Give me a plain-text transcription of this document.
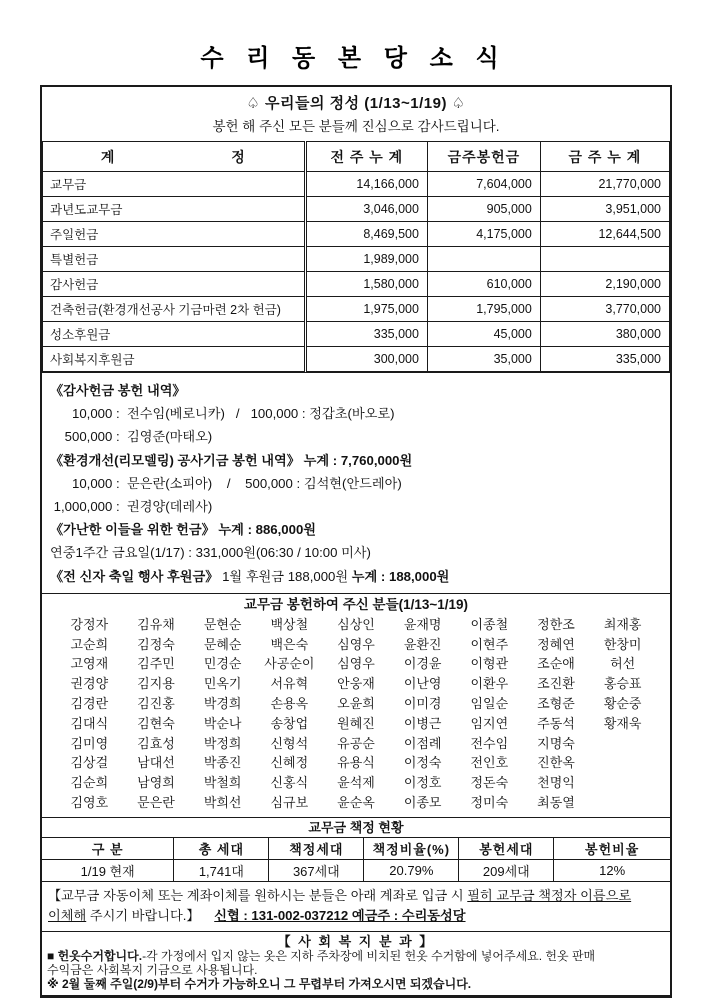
수 리 동 본 당 소 식
♤ 우리들의 정성 (1/13~1/19) ♤
봉헌 해 주신 모든 분들께 진심으로 감사드립니다.
계 정	전 주 누 계	금주봉헌금	금 주 누 계
교무금	14,166,000	7,604,000	21,770,000
과년도교무금	3,046,000	905,000	3,951,000
주일헌금	8,469,500	4,175,000	12,644,500
특별헌금	1,989,000		
감사헌금	1,580,000	610,000	2,190,000
건축헌금(환경개선공사 기금마련 2차 헌금)	1,975,000	1,795,000	3,770,000
성소후원금	335,000	45,000	380,000
사회복지후원금	300,000	35,000	335,000
《감사헌금 봉헌 내역》
10,000 :  전수임(베로니카)   /   100,000 : 정갑초(바오로)
500,000 :  김영준(마태오)
《환경개선(리모델링) 공사기금 봉헌 내역》 누계 : 7,760,000원
10,000 :  문은란(소피아)    /    500,000 : 김석현(안드레아)
1,000,000 :  권경양(데레사)
《가난한 이들을 위한 헌금》 누계 : 886,000원
연중1주간 금요일(1/17) : 331,000원(06:30 / 10:00 미사)
《전 신자 축일 행사 후원금》 1월 후원금 188,000원 누계 : 188,000원
교무금 봉헌하여 주신 분들(1/13~1/19)
강정자	김유채	문현순	백상철	심상인	윤재명	이종철	정한조	최재홍
고순희	김정숙	문혜순	백은숙	심영우	윤환진	이현주	정혜연	한창미
고영재	김주민	민경순	사공순이	심영우	이경윤	이형관	조순애	허선
권경양	김지용	민옥기	서유혁	안웅재	이난영	이환우	조진환	홍승표
김경란	김진홍	박경희	손용옥	오윤희	이미경	임일순	조형준	황순중
김대식	김현숙	박순나	송창업	원혜진	이병근	임지연	주동석	황재욱
김미영	김효성	박정희	신형석	유공순	이점례	전수임	지명숙
김상걸	남대선	박종진	신혜정	유용식	이정숙	전인호	진한옥
김순희	남영희	박철희	신홍식	윤석제	이정호	정돈숙	천명익
김영호	문은란	박희선	심규보	윤순옥	이종모	정미숙	최동열
교무금 책정 현황
구 분	총 세대	책정세대	책정비율(%)	봉헌세대	봉헌비율
1/19 현재	1,741대	367세대	20.79%	209세대	12%
【교무금 자동이체 또는 계좌이체를 원하시는 분들은 아래 계좌로 입금 시 필히 교무금 책정자 이름으로
이체해 주시기 바랍니다.】    신협 : 131-002-037212 예금주 : 수리동성당
【 사 회 복 지 분 과 】
■ 헌옷수거합니다.-각 가정에서 입지 않는 옷은 지하 주차장에 비치된 헌옷 수거함에 넣어주세요. 헌옷 판매
수익금은 사회복지 기금으로 사용됩니다.
※ 2월 둘째 주일(2/9)부터 수거가 가능하오니 그 무렵부터 가져오시면 되겠습니다.
